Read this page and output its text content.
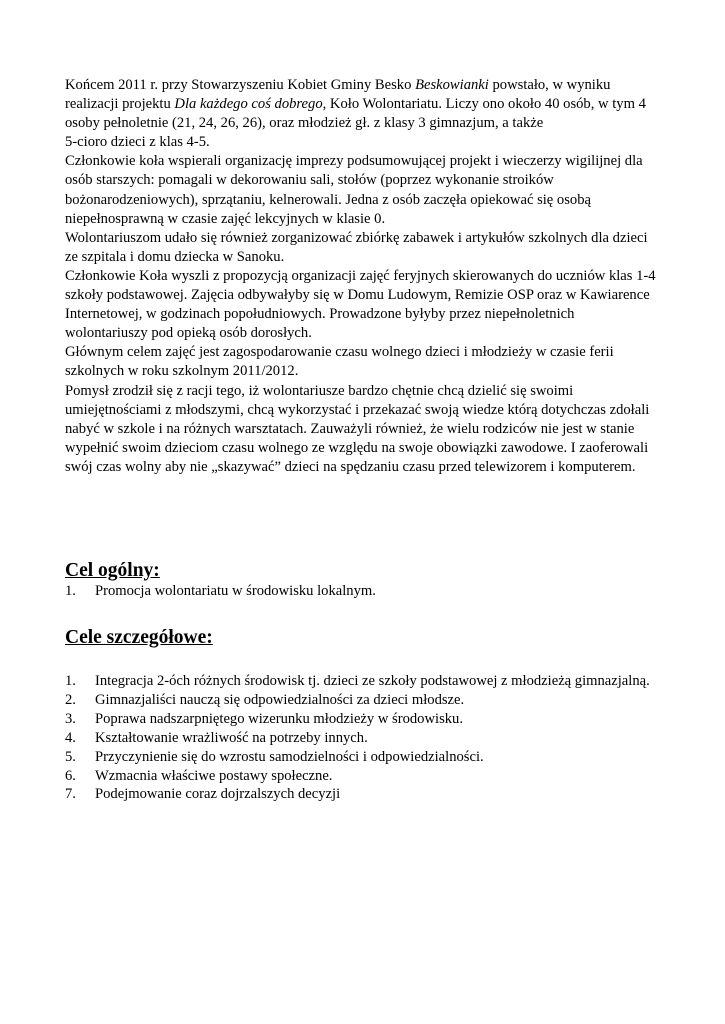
Końcem 2011 r. przy Stowarzyszeniu Kobiet Gminy Besko Beskowianki powstało, w wyniku
realizacji projektu Dla każdego coś dobrego, Koło Wolontariatu. Liczy ono około 40 osób, w tym 4
osoby pełnoletnie (21, 24, 26, 26), oraz młodzież gł. z klasy 3 gimnazjum, a także
5-cioro dzieci z klas 4-5.
Członkowie koła wspierali organizację imprezy podsumowującej projekt i wieczerzy wigilijnej dla
osób starszych: pomagali w dekorowaniu sali, stołów (poprzez wykonanie stroików
bożonarodzeniowych), sprzątaniu, kelnerowali. Jedna z osób zaczęła opiekować się osobą
niepełnosprawną w czasie zajęć lekcyjnych w klasie 0.
Wolontariuszom udało się również zorganizować zbiórkę zabawek i artykułów szkolnych dla dzieci
ze szpitala i domu dziecka w Sanoku.
Członkowie Koła wyszli z propozycją organizacji zajęć feryjnych skierowanych do uczniów klas 1-4
szkoły podstawowej. Zajęcia odbywałyby się w Domu Ludowym, Remizie OSP oraz w Kawiarence
Internetowej, w godzinach popołudniowych. Prowadzone byłyby przez niepełnoletnich
wolontariuszy pod opieką osób dorosłych.
Głównym celem zajęć jest zagospodarowanie czasu wolnego dzieci i młodzieży w czasie ferii
szkolnych w roku szkolnym 2011/2012.
Pomysł zrodził się z racji tego, iż wolontariusze bardzo chętnie chcą dzielić się swoimi
umiejętnościami z młodszymi, chcą wykorzystać i przekazać swoją wiedze którą dotychczas zdołali
nabyć w szkole i na różnych warsztatach. Zauważyli również, że wielu rodziców nie jest w stanie
wypełnić swoim dzieciom czasu wolnego ze względu na swoje obowiązki zawodowe. I zaoferowali
swój czas wolny aby nie „skazywać” dzieci na spędzaniu czasu przed telewizorem i komputerem.
Cel ogólny:
1.	Promocja wolontariatu w środowisku lokalnym.
Cele szczegółowe:
1.	Integracja 2-óch różnych środowisk tj. dzieci ze szkoły podstawowej z młodzieżą gimnazjalną.
2.	Gimnazjaliści nauczą się odpowiedzialności za dzieci młodsze.
3.	Poprawa nadszarpniętego wizerunku młodzieży w środowisku.
4.	Kształtowanie wrażliwość na potrzeby innych.
5.	Przyczynienie się do wzrostu samodzielności i odpowiedzialności.
6.	Wzmacnia właściwe postawy społeczne.
7.	Podejmowanie coraz dojrzalszych decyzji
